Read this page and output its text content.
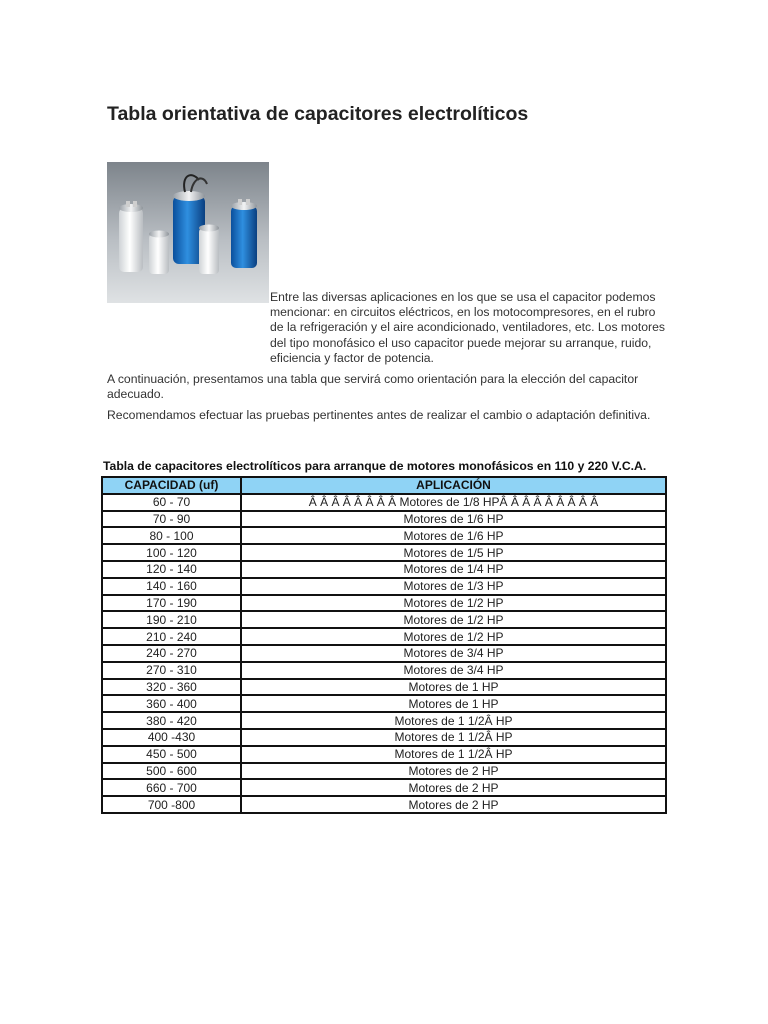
Tabla orientativa de capacitores electrolíticos

Entre las diversas aplicaciones en los que se usa el capacitor podemos mencionar: en circuitos eléctricos, en los motocompresores, en el rubro de la refrigeración y el aire acondicionado, ventiladores, etc. Los motores del tipo monofásico el uso capacitor puede mejorar su arranque, ruido, eficiencia y factor de potencia.

A continuación, presentamos una tabla que servirá como orientación para la elección del capacitor adecuado.

Recomendamos efectuar las pruebas pertinentes antes de realizar el cambio o adaptación definitiva.

Tabla de capacitores electrolíticos para arranque de motores monofásicos en 110 y 220 V.C.A.

CAPACIDAD (uf)	APLICACIÓN
60 - 70	Â Â Â Â Â Â Â Â Motores de 1/8 HPÂ Â Â Â Â Â Â Â Â
70 - 90	Motores de 1/6 HP
80 - 100	Motores de 1/6 HP
100 - 120	Motores de 1/5 HP
120 - 140	Motores de 1/4 HP
140 - 160	Motores de 1/3 HP
170 - 190	Motores de 1/2 HP
190 - 210	Motores de 1/2 HP
210 - 240	Motores de 1/2 HP
240 - 270	Motores de 3/4 HP
270 - 310	Motores de 3/4 HP
320 - 360	Motores de 1 HP
360 - 400	Motores de 1 HP
380 - 420	Motores de 1 1/2Â HP
400 -430	Motores de 1 1/2Â HP
450 - 500	Motores de 1 1/2Â HP
500 - 600	Motores de 2 HP
660 - 700	Motores de 2 HP
700 -800	Motores de 2 HP
